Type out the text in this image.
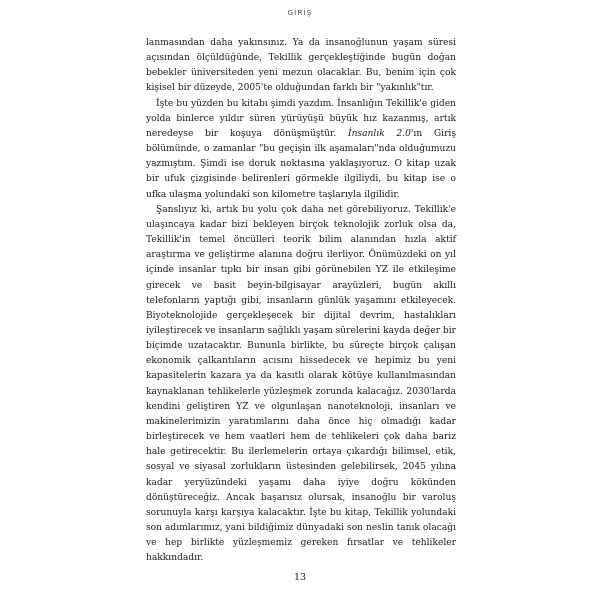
GİRİŞ

lanmasından daha yakınsınız. Ya da insanoğlunun yaşam süresi açısından ölçüldüğünde, Tekillik gerçekleştiğinde bugün doğan bebekler üniversiteden yeni mezun olacaklar. Bu, benim için çok kişisel bir düzeyde, 2005'te olduğundan farklı bir "yakınlık"tır.

İşte bu yüzden bu kitabı şimdi yazdım. İnsanlığın Tekillik'e giden yolda binlerce yıldır süren yürüyüşü büyük hız kazanmış, artık neredeyse bir koşuya dönüşmüştür. İnsanlık 2.0'ın Giriş bölümünde, o zamanlar "bu geçişin ilk aşamaları"nda olduğumuzu yazmıştım. Şimdi ise doruk noktasına yaklaşıyoruz. O kitap uzak bir ufuk çizgisinde belirenleri görmekle ilgiliydi, bu kitap ise o ufka ulaşma yolundaki son kilometre taşlarıyla ilgilidir.

Şanslıyız ki, artık bu yolu çok daha net görebiliyoruz. Tekillik'e ulaşıncaya kadar bizi bekleyen birçok teknolojik zorluk olsa da, Tekillik'in temel öncülleri teorik bilim alanından hızla aktif araştırma ve geliştirme alanına doğru ilerliyor. Önümüzdeki on yıl içinde insanlar tıpkı bir insan gibi görünebilen YZ ile etkileşime girecek ve basit beyin-bilgisayar arayüzleri, bugün akıllı telefonların yaptığı gibi, insanların günlük yaşamını etkileyecek. Biyoteknolojide gerçekleşecek bir dijital devrim, hastalıkları iyileştirecek ve insanların sağlıklı yaşam sürelerini kayda değer bir biçimde uzatacaktır. Bununla birlikte, bu süreçte birçok çalışan ekonomik çalkantıların acısını hissedecek ve hepimiz bu yeni kapasitelerin kazara ya da kasıtlı olarak kötüye kullanılmasından kaynaklanan tehlikelerle yüzleşmek zorunda kalacağız. 2030'larda kendini geliştiren YZ ve olgunlaşan nanoteknoloji, insanları ve makinelerimizin yaratımlarını daha önce hiç olmadığı kadar birleştirecek ve hem vaatleri hem de tehlikeleri çok daha bariz hale getirecektir. Bu ilerlemelerin ortaya çıkardığı bilimsel, etik, sosyal ve siyasal zorlukların üstesinden gelebilirsek, 2045 yılına kadar yeryüzündeki yaşamı daha iyiye doğru kökünden dönüştüreceğiz. Ancak başarısız olursak, insanoğlu bir varoluş sorunuyla karşı karşıya kalacaktır. İşte bu kitap, Tekillik yolundaki son adımlarımız, yani bildiğimiz dünyadaki son neslin tanık olacağı ve hep birlikte yüzleşmemiz gereken fırsatlar ve tehlikeler hakkındadır.

13
